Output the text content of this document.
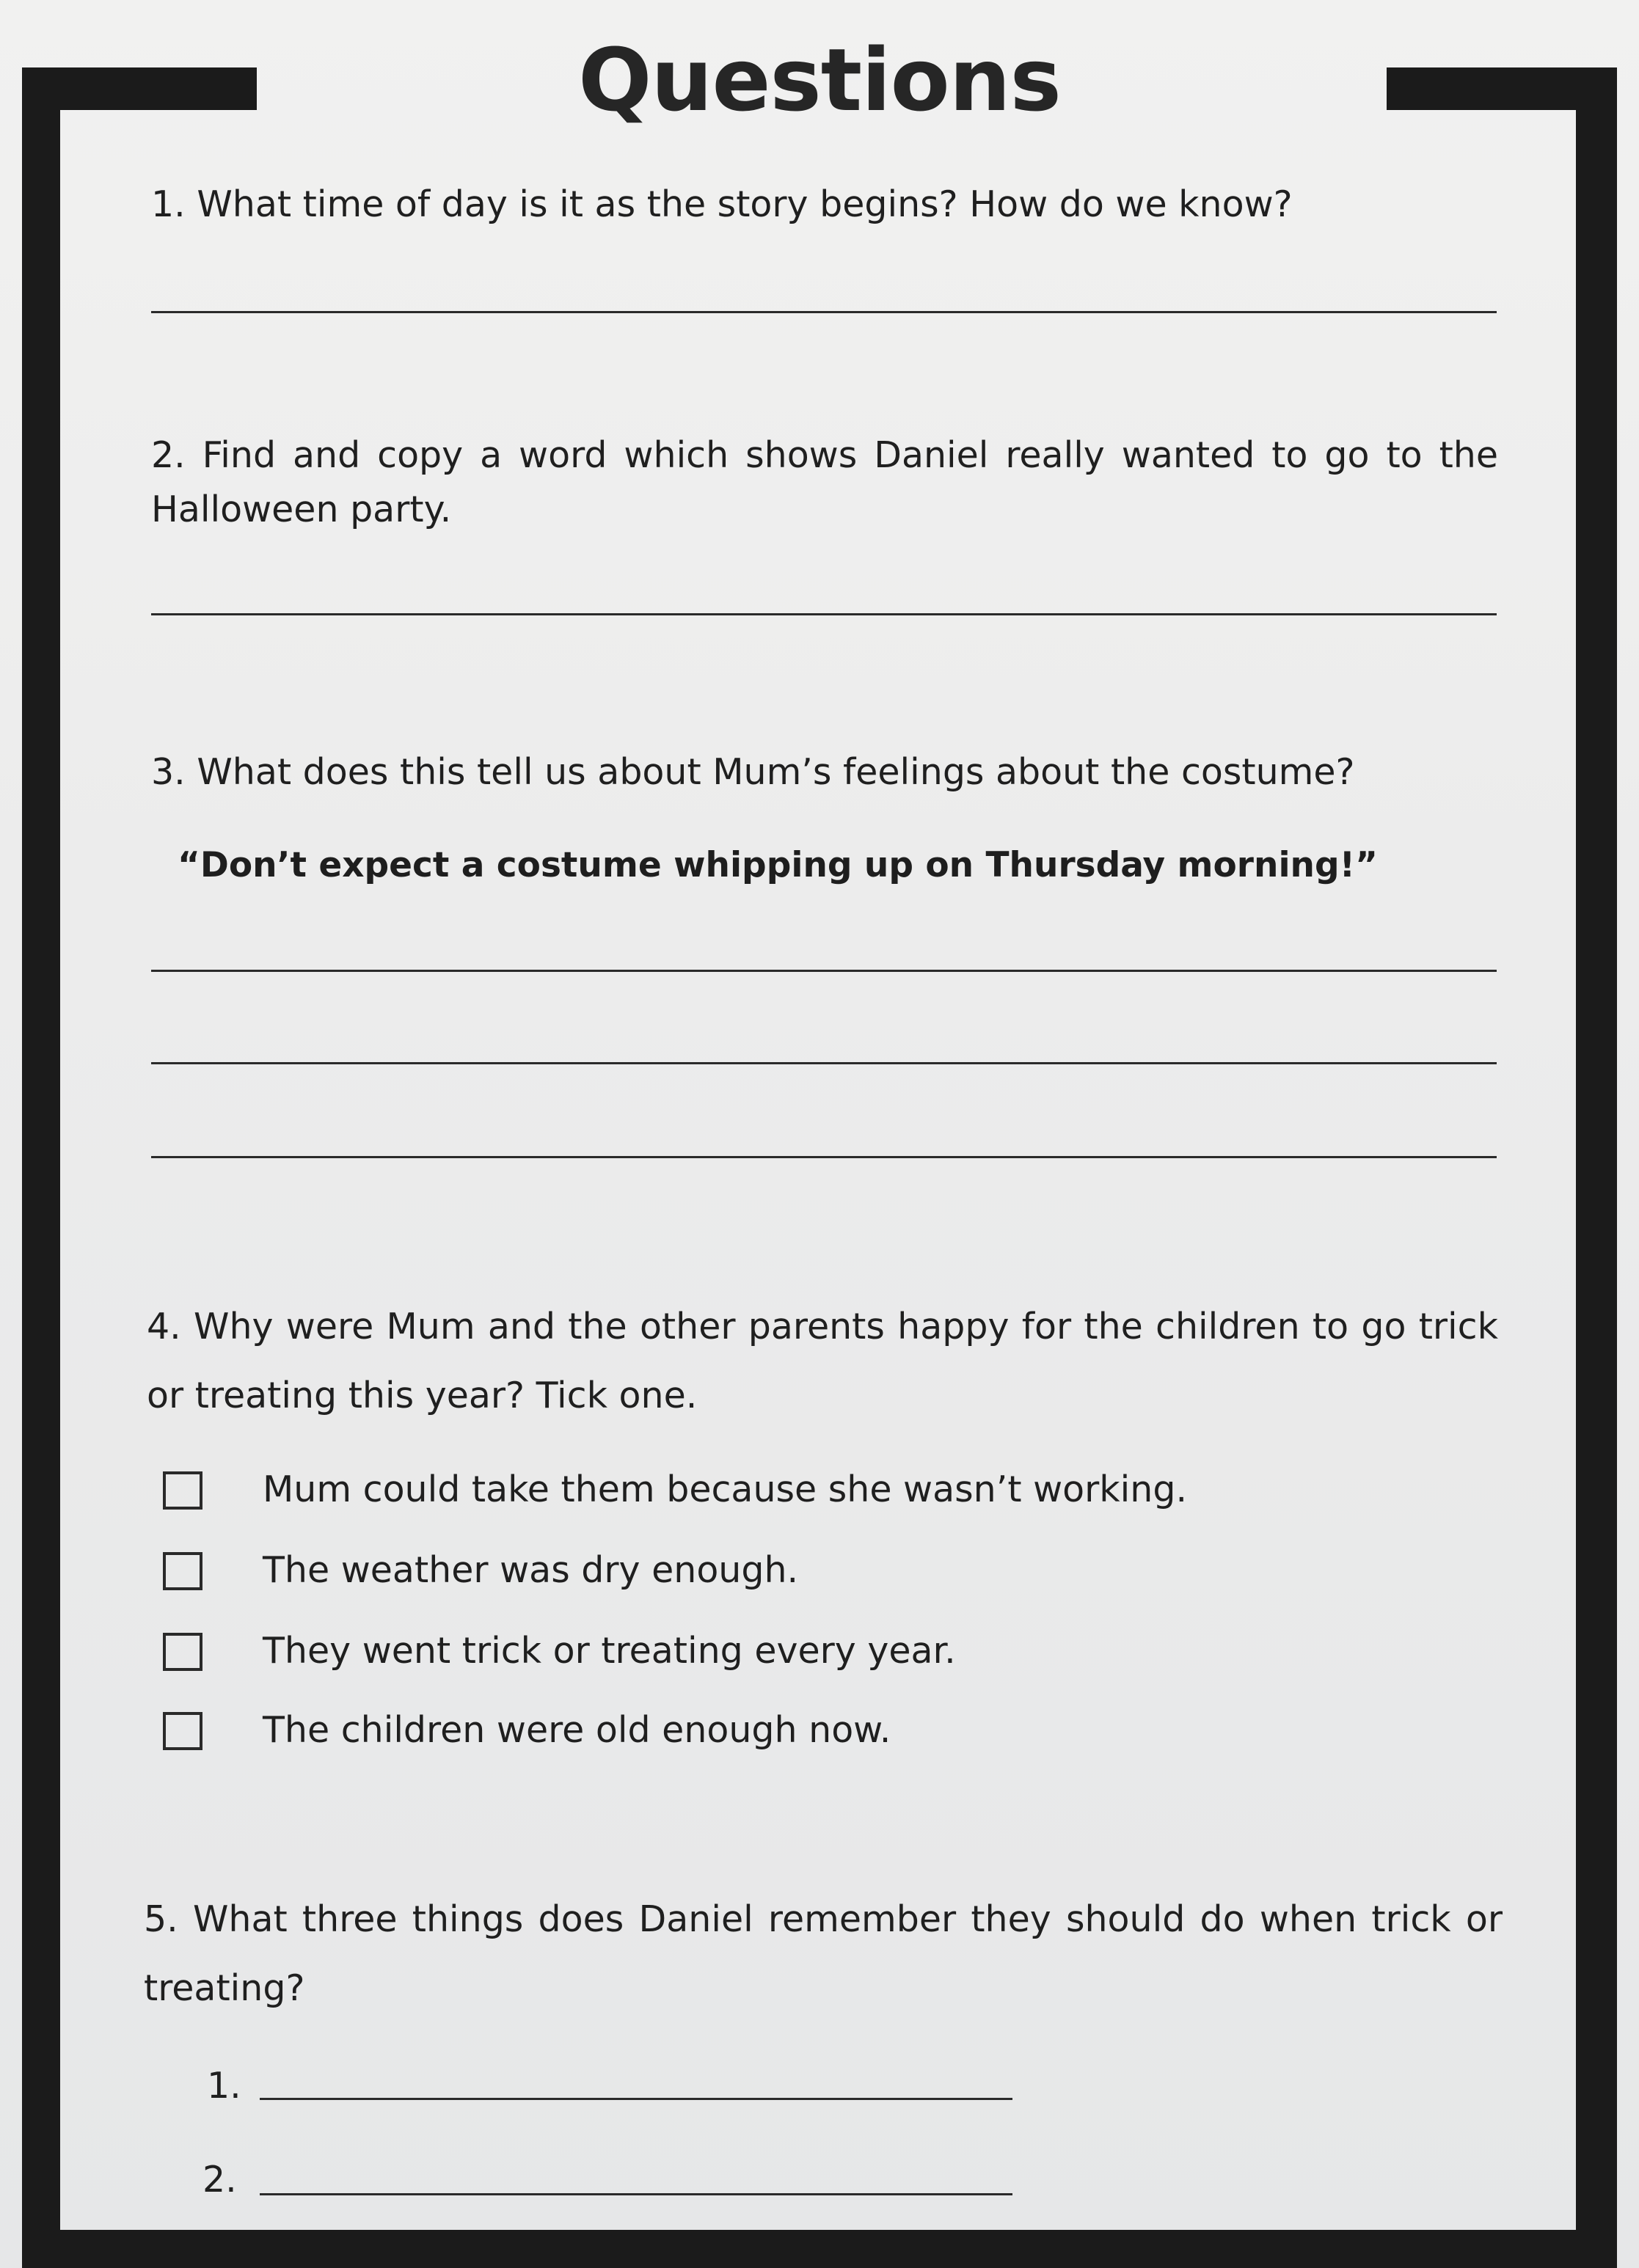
Questions
1. What time of day is it as the story begins? How do we know?
2. Find and copy a word which shows Daniel really wanted to go to the Halloween party.
3. What does this tell us about Mum’s feelings about the costume?
“Don’t expect a costume whipping up on Thursday morning!”
4. Why were Mum and the other parents happy for the children to go trick or treating this year? Tick one.
Mum could take them because she wasn’t working.
The weather was dry enough.
They went trick or treating every year.
The children were old enough now.
5. What three things does Daniel remember they should do when trick or treating?
1.
2.
